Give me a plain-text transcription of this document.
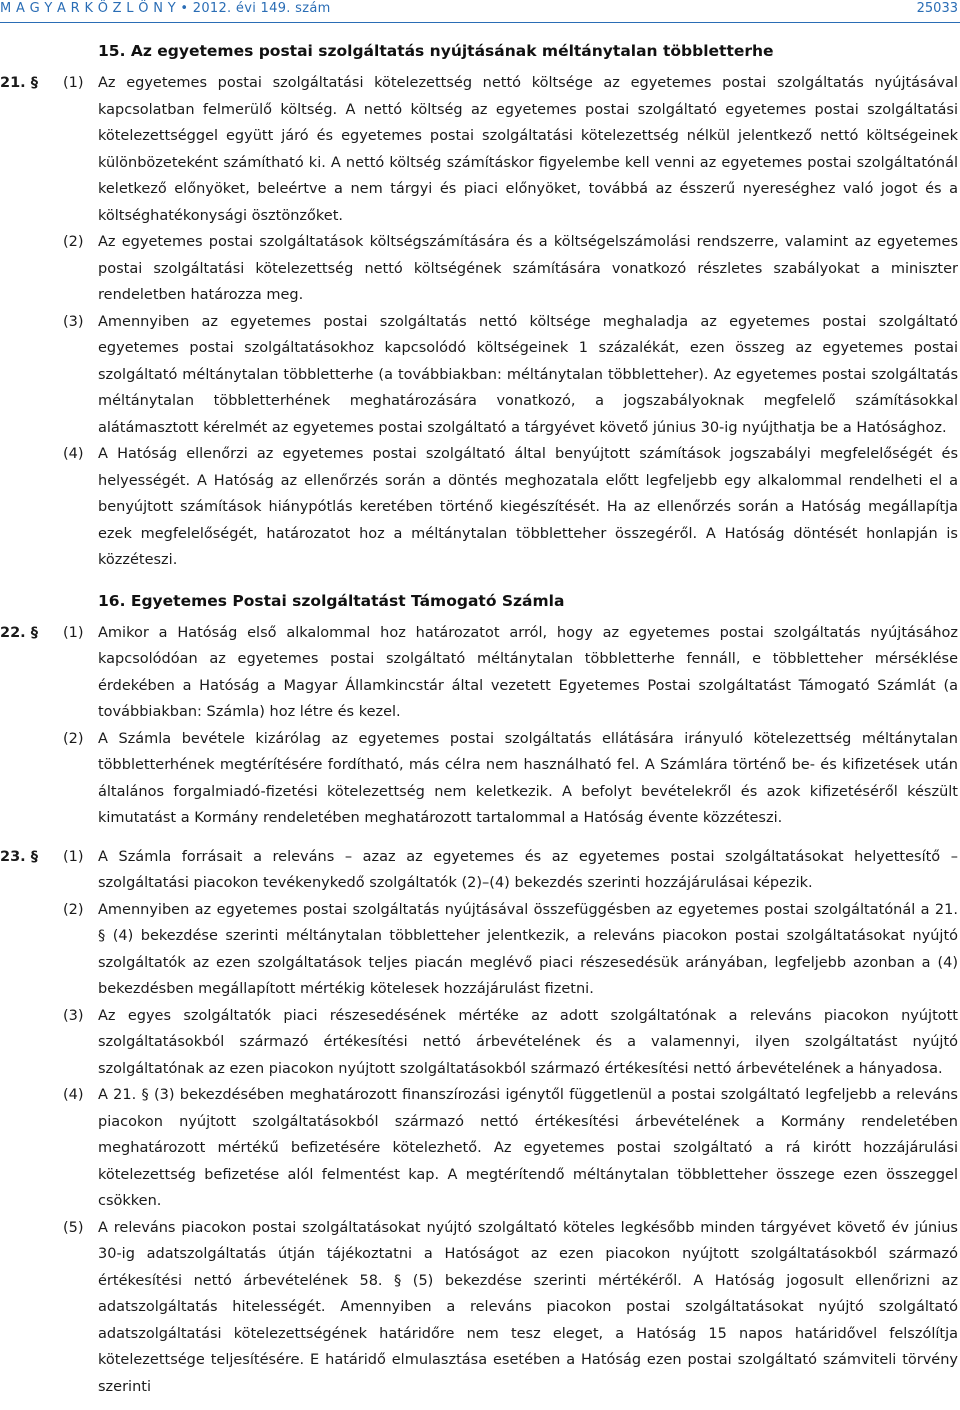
M A G Y A R K Ö Z L Ö N Y • 2012. évi 149. szám	25033
15. Az egyetemes postai szolgáltatás nyújtásának méltánytalan többletterhe
21. § (1) Az egyetemes postai szolgáltatási kötelezettség nettó költsége az egyetemes postai szolgáltatás nyújtásával kapcsolatban felmerülő költség. A nettó költség az egyetemes postai szolgáltató egyetemes postai szolgáltatási kötelezettséggel együtt járó és egyetemes postai szolgáltatási kötelezettség nélkül jelentkező nettó költségeinek különbözeteként számítható ki. A nettó költség számításkor figyelembe kell venni az egyetemes postai szolgáltatónál keletkező előnyöket, beleértve a nem tárgyi és piaci előnyöket, továbbá az ésszerű nyereséghez való jogot és a költséghatékonysági ösztönzőket.

(2) Az egyetemes postai szolgáltatások költségszámítására és a költségelszámolási rendszerre, valamint az egyetemes postai szolgáltatási kötelezettség nettó költségének számítására vonatkozó részletes szabályokat a miniszter rendeletben határozza meg.

(3) Amennyiben az egyetemes postai szolgáltatás nettó költsége meghaladja az egyetemes postai szolgáltató egyetemes postai szolgáltatásokhoz kapcsolódó költségeinek 1 százalékát, ezen összeg az egyetemes postai szolgáltató méltánytalan többletterhe (a továbbiakban: méltánytalan többletteher). Az egyetemes postai szolgáltatás méltánytalan többletterhének meghatározására vonatkozó, a jogszabályoknak megfelelő számításokkal alátámasztott kérelmét az egyetemes postai szolgáltató a tárgyévet követő június 30-ig nyújthatja be a Hatósághoz.

(4) A Hatóság ellenőrzi az egyetemes postai szolgáltató által benyújtott számítások jogszabályi megfelelőségét és helyességét. A Hatóság az ellenőrzés során a döntés meghozatala előtt legfeljebb egy alkalommal rendelheti el a benyújtott számítások hiánypótlás keretében történő kiegészítését. Ha az ellenőrzés során a Hatóság megállapítja ezek megfelelőségét, határozatot hoz a méltánytalan többletteher összegéről. A Hatóság döntését honlapján is közzéteszi.

16. Egyetemes Postai szolgáltatást Támogató Számla
22. § (1) Amikor a Hatóság első alkalommal hoz határozatot arról, hogy az egyetemes postai szolgáltatás nyújtásához kapcsolódóan az egyetemes postai szolgáltató méltánytalan többletterhe fennáll, e többletteher mérséklése érdekében a Hatóság a Magyar Államkincstár által vezetett Egyetemes Postai szolgáltatást Támogató Számlát (a továbbiakban: Számla) hoz létre és kezel.

(2) A Számla bevétele kizárólag az egyetemes postai szolgáltatás ellátására irányuló kötelezettség méltánytalan többletterhének megtérítésére fordítható, más célra nem használható fel. A Számlára történő be- és kifizetések után általános forgalmiadó-fizetési kötelezettség nem keletkezik. A befolyt bevételekről és azok kifizetéséről készült kimutatást a Kormány rendeletében meghatározott tartalommal a Hatóság évente közzéteszi.

23. § (1) A Számla forrásait a releváns – azaz az egyetemes és az egyetemes postai szolgáltatásokat helyettesítő – szolgáltatási piacokon tevékenykedő szolgáltatók (2)–(4) bekezdés szerinti hozzájárulásai képezik.

(2) Amennyiben az egyetemes postai szolgáltatás nyújtásával összefüggésben az egyetemes postai szolgáltatónál a 21. § (4) bekezdése szerinti méltánytalan többletteher jelentkezik, a releváns piacokon postai szolgáltatásokat nyújtó szolgáltatók az ezen szolgáltatások teljes piacán meglévő piaci részesedésük arányában, legfeljebb azonban a (4) bekezdésben megállapított mértékig kötelesek hozzájárulást fizetni.

(3) Az egyes szolgáltatók piaci részesedésének mértéke az adott szolgáltatónak a releváns piacokon nyújtott szolgáltatásokból származó értékesítési nettó árbevételének és a valamennyi, ilyen szolgáltatást nyújtó szolgáltatónak az ezen piacokon nyújtott szolgáltatásokból származó értékesítési nettó árbevételének a hányadosa.

(4) A 21. § (3) bekezdésében meghatározott finanszírozási igénytől függetlenül a postai szolgáltató legfeljebb a releváns piacokon nyújtott szolgáltatásokból származó nettó értékesítési árbevételének a Kormány rendeletében meghatározott mértékű befizetésére kötelezhető. Az egyetemes postai szolgáltató a rá kirótt hozzájárulási kötelezettség befizetése alól felmentést kap. A megtérítendő méltánytalan többletteher összege ezen összeggel csökken.

(5) A releváns piacokon postai szolgáltatásokat nyújtó szolgáltató köteles legkésőbb minden tárgyévet követő év június 30-ig adatszolgáltatás útján tájékoztatni a Hatóságot az ezen piacokon nyújtott szolgáltatásokból származó értékesítési nettó árbevételének 58. § (5) bekezdése szerinti mértékéről. A Hatóság jogosult ellenőrizni az adatszolgáltatás hitelességét. Amennyiben a releváns piacokon postai szolgáltatásokat nyújtó szolgáltató adatszolgáltatási kötelezettségének határidőre nem tesz eleget, a Hatóság 15 napos határidővel felszólítja kötelezettsége teljesítésére. E határidő elmulasztása esetében a Hatóság ezen postai szolgáltató számviteli törvény szerinti
